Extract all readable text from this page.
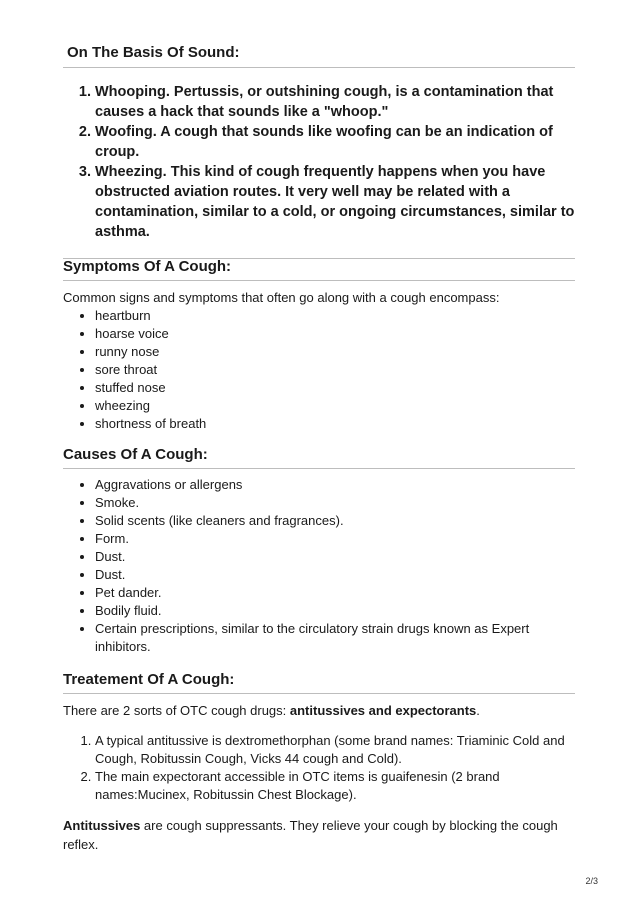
On The Basis Of Sound:
1. Whooping. Pertussis, or outshining cough, is a contamination that causes a hack that sounds like a "whoop."
2. Woofing. A cough that sounds like woofing can be an indication of croup.
3. Wheezing. This kind of cough frequently happens when you have obstructed aviation routes. It very well may be related with a contamination, similar to a cold, or ongoing circumstances, similar to asthma.
Symptoms Of A Cough:

Common signs and symptoms that often go along with a cough encompass:

• heartburn
• hoarse voice
• runny nose
• sore throat
• stuffed nose
• wheezing
• shortness of breath
Causes Of A Cough:
• Aggravations or allergens
• Smoke.
• Solid scents (like cleaners and fragrances).
• Form.
• Dust.
• Dust.
• Pet dander.
• Bodily fluid.
• Certain prescriptions, similar to the circulatory strain drugs known as Expert inhibitors.
Treatement Of A Cough:

There are 2 sorts of OTC cough drugs: antitussives and expectorants.

1. A typical antitussive is dextromethorphan (some brand names: Triaminic Cold and Cough, Robitussin Cough, Vicks 44 cough and Cold).
2. The main expectorant accessible in OTC items is guaifenesin (2 brand names:Mucinex, Robitussin Chest Blockage).

Antitussives are cough suppressants. They relieve your cough by blocking the cough reflex.

2/3
